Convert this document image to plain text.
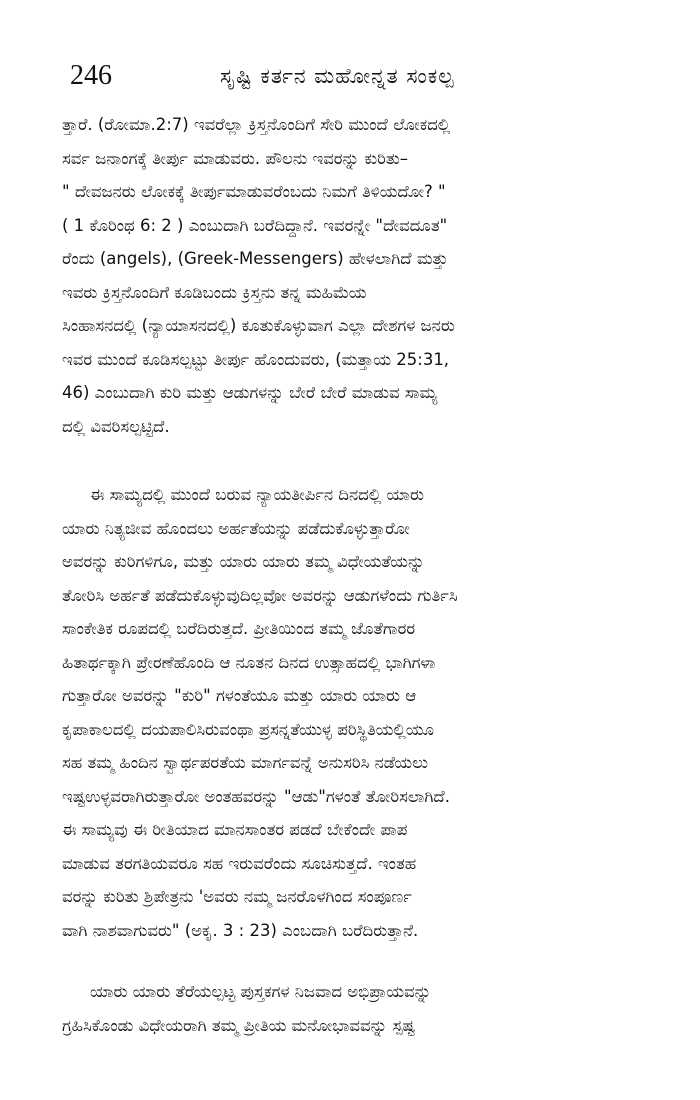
246	ಸೃಷ್ಟಿ ಕರ್ತನ ಮಹೋನ್ನತ ಸಂಕಲ್ಪ
ತ್ತಾರೆ. (ರೋಮಾ.2:7) ಇವರೆಲ್ಲಾ ಕ್ರಿಸ್ತನೊಂದಿಗೆ ಸೇರಿ ಮುಂದೆ ಲೋಕದಲ್ಲಿ
ಸರ್ವ ಜನಾಂಗಕ್ಕೆ ತೀರ್ಪು ಮಾಡುವರು. ಪೌಲನು ಇವರನ್ನು ಕುರಿತು–
" ದೇವಜನರು ಲೋಕಕ್ಕೆ ತೀರ್ಪುಮಾಡುವರೆಂಬದು ನಿಮಗೆ ತಿಳಿಯದೋ? "
( 1 ಕೊರಿಂಥ 6: 2 ) ಎಂಬುದಾಗಿ ಬರೆದಿದ್ದಾನೆ. ಇವರನ್ನೇ "ದೇವದೂತ"
ರೆಂದು (angels), (Greek-Messengers) ಹೇಳಲಾಗಿದೆ ಮತ್ತು
ಇವರು ಕ್ರಿಸ್ತನೊಂದಿಗೆ ಕೂಡಿಬಂದು ಕ್ರಿಸ್ತನು ತನ್ನ ಮಹಿಮೆಯ
ಸಿಂಹಾಸನದಲ್ಲಿ (ನ್ಯಾಯಾಸನದಲ್ಲಿ) ಕೂತುಕೊಳ್ಳುವಾಗ ಎಲ್ಲಾ ದೇಶಗಳ ಜನರು
ಇವರ ಮುಂದೆ ಕೂಡಿಸಲ್ಪಟ್ಟು ತೀರ್ಪು ಹೊಂದುವರು, (ಮತ್ತಾಯ 25:31,
46) ಎಂಬುದಾಗಿ ಕುರಿ ಮತ್ತು ಆಡುಗಳನ್ನು ಬೇರೆ ಬೇರೆ ಮಾಡುವ ಸಾಮ್ಯ
ದಲ್ಲಿ ವಿವರಿಸಲ್ಪಟ್ಟಿದೆ.
ಈ ಸಾಮ್ಯದಲ್ಲಿ ಮುಂದೆ ಬರುವ ನ್ಯಾಯತೀರ್ಪಿನ ದಿನದಲ್ಲಿ ಯಾರು
ಯಾರು ನಿತ್ಯಜೀವ ಹೊಂದಲು ಅರ್ಹತೆಯನ್ನು ಪಡೆದುಕೊಳ್ಳುತ್ತಾರೋ
ಅವರನ್ನು ಕುರಿಗಳಿಗೂ, ಮತ್ತು ಯಾರು ಯಾರು ತಮ್ಮ ವಿಧೇಯತೆಯನ್ನು
ತೋರಿಸಿ ಅರ್ಹತೆ ಪಡೆದುಕೊಳ್ಳುವುದಿಲ್ಲವೋ ಅವರನ್ನು ಆಡುಗಳೆಂದು ಗುರ್ತಿಸಿ
ಸಾಂಕೇತಿಕ ರೂಪದಲ್ಲಿ ಬರೆದಿರುತ್ತದೆ. ಪ್ರೀತಿಯಿಂದ ತಮ್ಮ ಜೊತೆಗಾರರ
ಹಿತಾರ್ಥಕ್ಕಾಗಿ ಪ್ರೇರಣೆಹೊಂದಿ ಆ ನೂತನ ದಿನದ ಉತ್ಸಾಹದಲ್ಲಿ ಭಾಗಿಗಳಾ
ಗುತ್ತಾರೋ ಅವರನ್ನು "ಕುರಿ" ಗಳಂತೆಯೂ ಮತ್ತು ಯಾರು ಯಾರು ಆ
ಕೃಪಾಕಾಲದಲ್ಲಿ ದಯಪಾಲಿಸಿರುವಂಥಾ ಪ್ರಸನ್ನತೆಯುಳ್ಳ ಪರಿಸ್ಥಿತಿಯಲ್ಲಿಯೂ
ಸಹ ತಮ್ಮ ಹಿಂದಿನ ಸ್ವಾರ್ಥಪರತೆಯ ಮಾರ್ಗವನ್ನೆ ಅನುಸರಿಸಿ ನಡೆಯಲು
ಇಷ್ಟಉಳ್ಳವರಾಗಿರುತ್ತಾರೋ ಅಂತಹವರನ್ನು "ಆಡು"ಗಳಂತೆ ತೋರಿಸಲಾಗಿದೆ.
ಈ ಸಾಮ್ಯವು ಈ ರೀತಿಯಾದ ಮಾನಸಾಂತರ ಪಡದೆ ಬೇಕೆಂದೇ ಪಾಪ
ಮಾಡುವ ತರಗತಿಯವರೂ ಸಹ ಇರುವರೆಂದು ಸೂಚಿಸುತ್ತದೆ. ಇಂತಹ
ವರನ್ನು ಕುರಿತು ಶ್ರಿಪೇತ್ರನು 'ಅವರು ನಮ್ಮ ಜನರೊಳಗಿಂದ ಸಂಪೂರ್ಣ
ವಾಗಿ ನಾಶವಾಗುವರು" (ಅಕೃ. 3 : 23) ಎಂಬದಾಗಿ ಬರೆದಿರುತ್ತಾನೆ.
ಯಾರು ಯಾರು ತೆರೆಯಲ್ಪಟ್ಟ ಪುಸ್ತಕಗಳ ನಿಜವಾದ ಅಭಿಪ್ರಾಯವನ್ನು
ಗ್ರಹಿಸಿಕೊಂಡು ವಿಧೇಯರಾಗಿ ತಮ್ಮ ಪ್ರೀತಿಯ ಮನೋಭಾವವನ್ನು ಸ್ಪಷ್ಟ
